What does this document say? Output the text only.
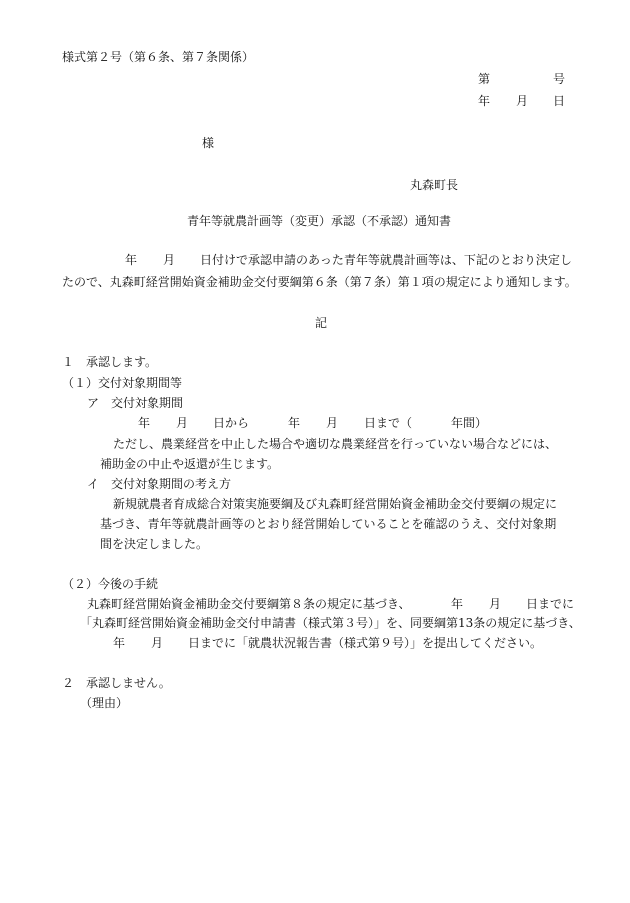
様式第２号（第６条、第７条関係）
第	号
年 月 日
様
丸森町長
青年等就農計画等（変更）承認（不承認）通知書
年 月 日付けで承認申請のあった青年等就農計画等は、下記のとおり決定し
たので、丸森町経営開始資金補助金交付要綱第６条（第７条）第１項の規定により通知します。
記
１　承認します。
（１）交付対象期間等
ア　交付対象期間
年 月 日から	年 月 日まで（	年間）
ただし、農業経営を中止した場合や適切な農業経営を行っていない場合などには、
補助金の中止や返還が生じます。
イ　交付対象期間の考え方
新規就農者育成総合対策実施要綱及び丸森町経営開始資金補助金交付要綱の規定に
基づき、青年等就農計画等のとおり経営開始していることを確認のうえ、交付対象期
間を決定しました。
（２）今後の手続
丸森町経営開始資金補助金交付要綱第８条の規定に基づき、	年 月 日までに
「丸森町経営開始資金補助金交付申請書（様式第３号）」を、同要綱第13条の規定に基づき、
年 月 日までに「就農状況報告書（様式第９号）」を提出してください。
２　承認しません。
（理由）
